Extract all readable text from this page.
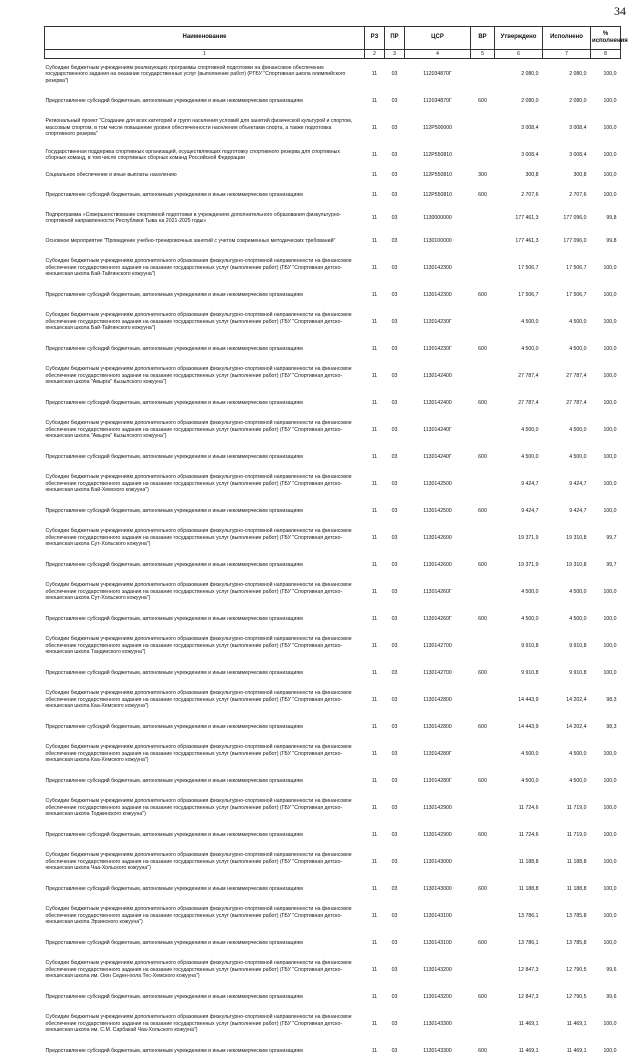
34
Наименование	РЗ	ПР	ЦСР	ВР	Утверждено	Исполнено	% исполнения
1	2	3	4	5	6	7	8
Субсидии бюджетным учреждениям реализующих программы спортивной подготовки на финансовое обеспечение государственного задания на оказание государственных услуг (выполнение работ) (РГБУ "Спортивная школа олимпийского резерва")	11	03	112034870Г		2 080,0	2 080,0	100,0
Предоставление субсидий бюджетным, автономным учреждениям и иным некоммерческим организациям	11	03	112034870Г	600	2 080,0	2 080,0	100,0
Региональный проект "Создание для всех категорий и групп населения условий для занятий физической культурой и спортом, массовым спортом, в том числе повышение уровня обеспеченности населения объектами спорта, а также подготовка спортивного резерва"	11	03	112Р500000		3 008,4	3 008,4	100,0
Государственная поддержка спортивных организаций, осуществляющих подготовку спортивного резерва для спортивных сборных команд, в том числе спортивных сборных команд Российской Федерации	11	03	112Р550810		3 008,4	3 008,4	100,0
Социальное обеспечение и иные выплаты населению	11	03	112Р550810	300	300,8	300,8	100,0
Предоставление субсидий бюджетным, автономным учреждениям и иным некоммерческим организациям	11	03	112Р550810	600	2 707,6	2 707,6	100,0
Подпрограмма «Совершенствование спортивной подготовки в учреждениях дополнительного образования физкультурно-спортивной направленности Республики Тыва на 2021-2025 годы»	11	03	1130000000		177 461,3	177 096,0	99,8
Основное мероприятие "Проведение учебно-тренировочных занятий с учетом современных методических требований"	11	03	1130100000		177 461,3	177 096,0	99,8
Субсидии бюджетным учреждениям дополнительного образования физкультурно-спортивной направленности на финансовое обеспечение государственного задания на оказание государственных услуг (выполнение работ) (ГБУ "Спортивная детско-юношеская школа Бай-Тайгинского кожууна")	11	03	1130142300		17 506,7	17 506,7	100,0
Предоставление субсидий бюджетным, автономным учреждениям и иным некоммерческим организациям	11	03	1130142300	600	17 506,7	17 506,7	100,0
Субсидии бюджетным учреждениям дополнительного образования физкультурно-спортивной направленности на финансовое обеспечение государственного задания на оказание государственных услуг (выполнение работ) (ГБУ "Спортивная детско-юношеская школа Бай-Тайгинского кожууна")	11	03	113014230Г		4 500,0	4 500,0	100,0
Предоставление субсидий бюджетным, автономным учреждениям и иным некоммерческим организациям	11	03	113014230Г	600	4 500,0	4 500,0	100,0
Субсидии бюджетным учреждениям дополнительного образования физкультурно-спортивной направленности на финансовое обеспечение государственного задания на оказание государственных услуг (выполнение работ) (ГБУ "Спортивная детско-юношеская школа "Авырга" Кызылского кожууна")	11	03	1130142400		27 787,4	27 787,4	100,0
Предоставление субсидий бюджетным, автономным учреждениям и иным некоммерческим организациям	11	03	1130142400	600	27 787,4	27 787,4	100,0
Субсидии бюджетным учреждениям дополнительного образования физкультурно-спортивной направленности на финансовое обеспечение государственного задания на оказание государственных услуг (выполнение работ) (ГБУ "Спортивная детско-юношеская школа "Авырга" Кызылского кожууна")	11	03	113014240Г		4 500,0	4 500,0	100,0
Предоставление субсидий бюджетным, автономным учреждениям и иным некоммерческим организациям	11	03	113014240Г	600	4 500,0	4 500,0	100,0
Субсидии бюджетным учреждениям дополнительного образования физкультурно-спортивной направленности на финансовое обеспечение государственного задания на оказание государственных услуг (выполнение работ) (ГБУ "Спортивная детско-юношеская школа Бай-Хемского кожууна")	11	03	1130142500		9 424,7	9 424,7	100,0
Предоставление субсидий бюджетным, автономным учреждениям и иным некоммерческим организациям	11	03	1130142500	600	9 424,7	9 424,7	100,0
Субсидии бюджетным учреждениям дополнительного образования физкультурно-спортивной направленности на финансовое обеспечение государственного задания на оказание государственных услуг (выполнение работ) (ГБУ "Спортивная детско-юношеская школа Сут-Хольского кожууна")	11	03	1130142600		19 371,9	19 310,8	99,7
Предоставление субсидий бюджетным, автономным учреждениям и иным некоммерческим организациям	11	03	1130142600	600	19 371,9	19 310,8	99,7
Субсидии бюджетным учреждениям дополнительного образования физкультурно-спортивной направленности на финансовое обеспечение государственного задания на оказание государственных услуг (выполнение работ) (ГБУ "Спортивная детско-юношеская школа Сут-Хольского кожууна")	11	03	113014260Г		4 500,0	4 500,0	100,0
Предоставление субсидий бюджетным, автономным учреждениям и иным некоммерческим организациям	11	03	113014260Г	600	4 500,0	4 500,0	100,0
Субсидии бюджетным учреждениям дополнительного образования физкультурно-спортивной направленности на финансовое обеспечение государственного задания на оказание государственных услуг (выполнение работ) (ГБУ "Спортивная детско-юношеская школа Тандинского кожууна")	11	03	1130142700		9 910,8	9 910,8	100,0
Предоставление субсидий бюджетным, автономным учреждениям и иным некоммерческим организациям	11	03	1130142700	600	9 910,8	9 910,8	100,0
Субсидии бюджетным учреждениям дополнительного образования физкультурно-спортивной направленности на финансовое обеспечение государственного задания на оказание государственных услуг (выполнение работ) (ГБУ "Спортивная детско-юношеская школа Каа-Хемского кожууна")	11	03	1130142800		14 443,9	14 202,4	98,3
Предоставление субсидий бюджетным, автономным учреждениям и иным некоммерческим организациям	11	03	1130142800	600	14 443,9	14 202,4	98,3
Субсидии бюджетным учреждениям дополнительного образования физкультурно-спортивной направленности на финансовое обеспечение государственного задания на оказание государственных услуг (выполнение работ) (ГБУ "Спортивная детско-юношеская школа Каа-Хемского кожууна")	11	03	113014280Г		4 500,0	4 500,0	100,0
Предоставление субсидий бюджетным, автономным учреждениям и иным некоммерческим организациям	11	03	113014280Г	600	4 500,0	4 500,0	100,0
Субсидии бюджетным учреждениям дополнительного образования физкультурно-спортивной направленности на финансовое обеспечение государственного задания на оказание государственных услуг (выполнение работ) (ГБУ "Спортивная детско-юношеская школа Тоджинского кожууна")	11	03	1130142900		11 724,6	11 719,0	100,0
Предоставление субсидий бюджетным, автономным учреждениям и иным некоммерческим организациям	11	03	1130142900	600	11 724,6	11 719,0	100,0
Субсидии бюджетным учреждениям дополнительного образования физкультурно-спортивной направленности на финансовое обеспечение государственного задания на оказание государственных услуг (выполнение работ) (ГБУ "Спортивная детско-юношеская школа Чаа-Хольского кожууна")	11	03	1130143000		11 188,8	11 188,8	100,0
Предоставление субсидий бюджетным, автономным учреждениям и иным некоммерческим организациям	11	03	1130143000	600	11 188,8	11 188,8	100,0
Субсидии бюджетным учреждениям дополнительного образования физкультурно-спортивной направленности на финансовое обеспечение государственного задания на оказание государственных услуг (выполнение работ) (ГБУ "Спортивная детско-юношеская школа Эрзинского кожууна")	11	03	1130143100		13 786,1	13 785,8	100,0
Предоставление субсидий бюджетным, автономным учреждениям и иным некоммерческим организациям	11	03	1130143100	600	13 786,1	13 785,8	100,0
Субсидии бюджетным учреждениям дополнительного образования физкультурно-спортивной направленности на финансовое обеспечение государственного задания на оказание государственных услуг (выполнение работ) (ГБУ "Спортивная детско-юношеская школа им. Оюн Седен-оола Тес-Хемского кожууна")	11	03	1130143200		12 847,3	12 790,5	99,6
Предоставление субсидий бюджетным, автономным учреждениям и иным некоммерческим организациям	11	03	1130143200	600	12 847,3	12 790,5	99,6
Субсидии бюджетным учреждениям дополнительного образования физкультурно-спортивной направленности на финансовое обеспечение государственного задания на оказание государственных услуг (выполнение работ) (ГБУ "Спортивная детско-юношеская школа им. С.М. Сарбакай Чаа-Хольского кожууна")	11	03	1130143300		11 469,1	11 469,1	100,0
Предоставление субсидий бюджетным, автономным учреждениям и иным некоммерческим организациям	11	03	1130143300	600	11 469,1	11 469,1	100,0
